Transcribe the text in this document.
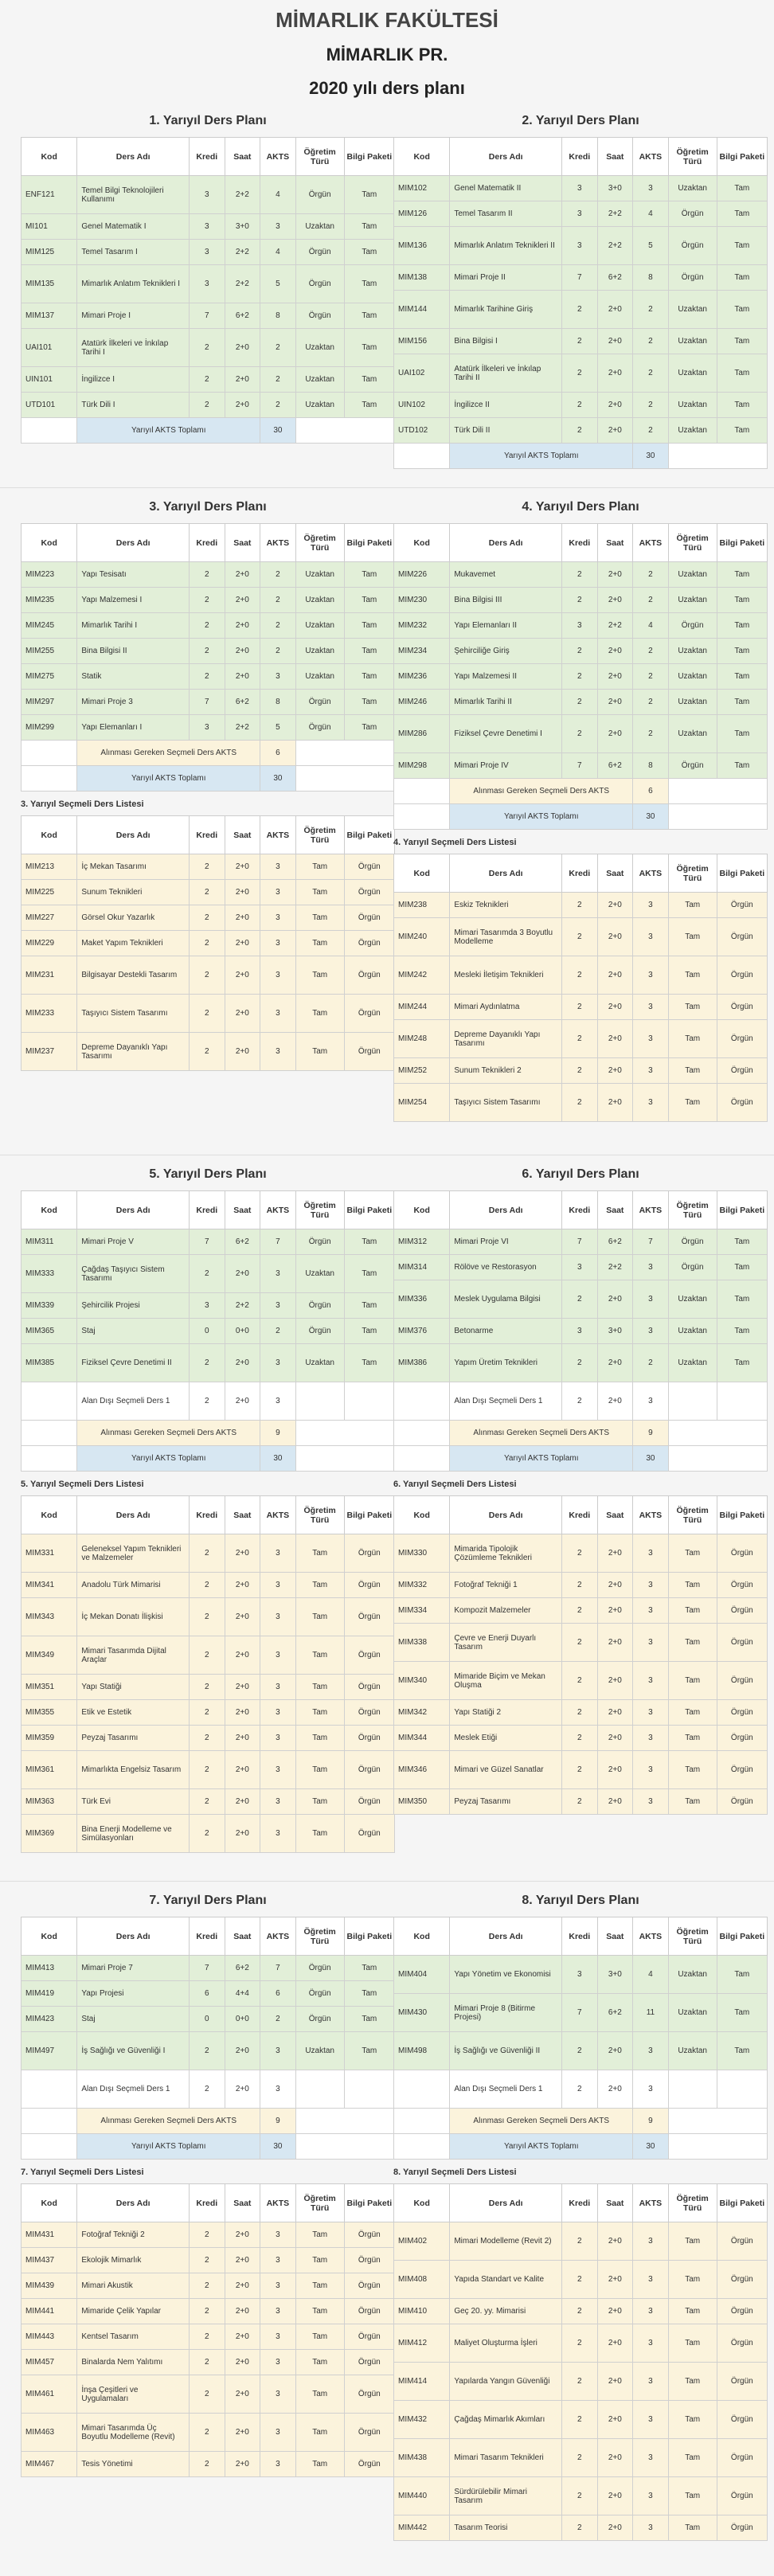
MİMARLIK FAKÜLTESİ
MİMARLIK PR.
2020 yılı ders planı
1. Yarıyıl Ders Planı
Kod	Ders Adı	Kredi	Saat	AKTS	Öğretim Türü	Bilgi Paketi
ENF121	Temel Bilgi Teknolojileri Kullanımı	3	2+2	4	Örgün	Tam
MI101	Genel Matematik I	3	3+0	3	Uzaktan	Tam
MIM125	Temel Tasarım I	3	2+2	4	Örgün	Tam
MIM135	Mimarlık Anlatım Teknikleri I	3	2+2	5	Örgün	Tam
MIM137	Mimari Proje I	7	6+2	8	Örgün	Tam
UAI101	Atatürk İlkeleri ve İnkılap Tarihi I	2	2+0	2	Uzaktan	Tam
UIN101	İngilizce I	2	2+0	2	Uzaktan	Tam
UTD101	Türk Dili I	2	2+0	2	Uzaktan	Tam
	Yarıyıl AKTS Toplamı			30		
2. Yarıyıl Ders Planı
Kod	Ders Adı	Kredi	Saat	AKTS	Öğretim Türü	Bilgi Paketi
MIM102	Genel Matematik II	3	3+0	3	Uzaktan	Tam
MIM126	Temel Tasarım II	3	2+2	4	Örgün	Tam
MIM136	Mimarlık Anlatım Teknikleri II	3	2+2	5	Örgün	Tam
MIM138	Mimari Proje II	7	6+2	8	Örgün	Tam
MIM144	Mimarlık Tarihine Giriş	2	2+0	2	Uzaktan	Tam
MIM156	Bina Bilgisi I	2	2+0	2	Uzaktan	Tam
UAI102	Atatürk İlkeleri ve İnkılap Tarihi II	2	2+0	2	Uzaktan	Tam
UIN102	İngilizce II	2	2+0	2	Uzaktan	Tam
UTD102	Türk Dili II	2	2+0	2	Uzaktan	Tam
	Yarıyıl AKTS Toplamı			30		
3. Yarıyıl Ders Planı
Kod	Ders Adı	Kredi	Saat	AKTS	Öğretim Türü	Bilgi Paketi
MIM223	Yapı Tesisatı	2	2+0	2	Uzaktan	Tam
MIM235	Yapı Malzemesi I	2	2+0	2	Uzaktan	Tam
MIM245	Mimarlık Tarihi I	2	2+0	2	Uzaktan	Tam
MIM255	Bina Bilgisi II	2	2+0	2	Uzaktan	Tam
MIM275	Statik	2	2+0	3	Uzaktan	Tam
MIM297	Mimari Proje 3	7	6+2	8	Örgün	Tam
MIM299	Yapı Elemanları I	3	2+2	5	Örgün	Tam
	Alınması Gereken Seçmeli Ders AKTS			6		
	Yarıyıl AKTS Toplamı			30		
3. Yarıyıl Seçmeli Ders Listesi
Kod	Ders Adı	Kredi	Saat	AKTS	Öğretim Türü	Bilgi Paketi
MIM213	İç Mekan Tasarımı	2	2+0	3	Tam	Örgün
MIM225	Sunum Teknikleri	2	2+0	3	Tam	Örgün
MIM227	Görsel Okur Yazarlık	2	2+0	3	Tam	Örgün
MIM229	Maket Yapım Teknikleri	2	2+0	3	Tam	Örgün
MIM231	Bilgisayar Destekli Tasarım	2	2+0	3	Tam	Örgün
MIM233	Taşıyıcı Sistem Tasarımı	2	2+0	3	Tam	Örgün
MIM237	Depreme Dayanıklı Yapı Tasarımı	2	2+0	3	Tam	Örgün
4. Yarıyıl Ders Planı
Kod	Ders Adı	Kredi	Saat	AKTS	Öğretim Türü	Bilgi Paketi
MIM226	Mukavemet	2	2+0	2	Uzaktan	Tam
MIM230	Bina Bilgisi III	2	2+0	2	Uzaktan	Tam
MIM232	Yapı Elemanları II	3	2+2	4	Örgün	Tam
MIM234	Şehirciliğe Giriş	2	2+0	2	Uzaktan	Tam
MIM236	Yapı Malzemesi II	2	2+0	2	Uzaktan	Tam
MIM246	Mimarlık Tarihi II	2	2+0	2	Uzaktan	Tam
MIM286	Fiziksel Çevre Denetimi I	2	2+0	2	Uzaktan	Tam
MIM298	Mimari Proje IV	7	6+2	8	Örgün	Tam
	Alınması Gereken Seçmeli Ders AKTS			6		
	Yarıyıl AKTS Toplamı			30		
4. Yarıyıl Seçmeli Ders Listesi
Kod	Ders Adı	Kredi	Saat	AKTS	Öğretim Türü	Bilgi Paketi
MIM238	Eskiz Teknikleri	2	2+0	3	Tam	Örgün
MIM240	Mimari Tasarımda 3 Boyutlu Modelleme	2	2+0	3	Tam	Örgün
MIM242	Mesleki İletişim Teknikleri	2	2+0	3	Tam	Örgün
MIM244	Mimari Aydınlatma	2	2+0	3	Tam	Örgün
MIM248	Depreme Dayanıklı Yapı Tasarımı	2	2+0	3	Tam	Örgün
MIM252	Sunum Teknikleri 2	2	2+0	3	Tam	Örgün
MIM254	Taşıyıcı Sistem Tasarımı	2	2+0	3	Tam	Örgün
5. Yarıyıl Ders Planı
Kod	Ders Adı	Kredi	Saat	AKTS	Öğretim Türü	Bilgi Paketi
MIM311	Mimari Proje V	7	6+2	7	Örgün	Tam
MIM333	Çağdaş Taşıyıcı Sistem Tasarımı	2	2+0	3	Uzaktan	Tam
MIM339	Şehircilik Projesi	3	2+2	3	Örgün	Tam
MIM365	Staj	0	0+0	2	Örgün	Tam
MIM385	Fiziksel Çevre Denetimi II	2	2+0	3	Uzaktan	Tam
	Alan Dışı Seçmeli Ders 1	2	2+0	3		
	Alınması Gereken Seçmeli Ders AKTS			9		
	Yarıyıl AKTS Toplamı			30		
5. Yarıyıl Seçmeli Ders Listesi
Kod	Ders Adı	Kredi	Saat	AKTS	Öğretim Türü	Bilgi Paketi
MIM331	Geleneksel Yapım Teknikleri ve Malzemeler	2	2+0	3	Tam	Örgün
MIM341	Anadolu Türk Mimarisi	2	2+0	3	Tam	Örgün
MIM343	İç Mekan Donatı İlişkisi	2	2+0	3	Tam	Örgün
MIM349	Mimari Tasarımda Dijital Araçlar	2	2+0	3	Tam	Örgün
MIM351	Yapı Statiği	2	2+0	3	Tam	Örgün
MIM355	Etik ve Estetik	2	2+0	3	Tam	Örgün
MIM359	Peyzaj Tasarımı	2	2+0	3	Tam	Örgün
MIM361	Mimarlıkta Engelsiz Tasarım	2	2+0	3	Tam	Örgün
MIM363	Türk Evi	2	2+0	3	Tam	Örgün
MIM369	Bina Enerji Modelleme ve Simülasyonları	2	2+0	3	Tam	Örgün
6. Yarıyıl Ders Planı
Kod	Ders Adı	Kredi	Saat	AKTS	Öğretim Türü	Bilgi Paketi
MIM312	Mimari Proje VI	7	6+2	7	Örgün	Tam
MIM314	Rölöve ve Restorasyon	3	2+2	3	Örgün	Tam
MIM336	Meslek Uygulama Bilgisi	2	2+0	3	Uzaktan	Tam
MIM376	Betonarme	3	3+0	3	Uzaktan	Tam
MIM386	Yapım Üretim Teknikleri	2	2+0	2	Uzaktan	Tam
	Alan Dışı Seçmeli Ders 1	2	2+0	3		
	Alınması Gereken Seçmeli Ders AKTS			9		
	Yarıyıl AKTS Toplamı			30		
6. Yarıyıl Seçmeli Ders Listesi
Kod	Ders Adı	Kredi	Saat	AKTS	Öğretim Türü	Bilgi Paketi
MIM330	Mimarida Tipolojik Çözümleme Teknikleri	2	2+0	3	Tam	Örgün
MIM332	Fotoğraf Tekniği 1	2	2+0	3	Tam	Örgün
MIM334	Kompozit Malzemeler	2	2+0	3	Tam	Örgün
MIM338	Çevre ve Enerji Duyarlı Tasarım	2	2+0	3	Tam	Örgün
MIM340	Mimaride Biçim ve Mekan Oluşma	2	2+0	3	Tam	Örgün
MIM342	Yapı Statiği 2	2	2+0	3	Tam	Örgün
MIM344	Meslek Etiği	2	2+0	3	Tam	Örgün
MIM346	Mimari ve Güzel Sanatlar	2	2+0	3	Tam	Örgün
MIM350	Peyzaj Tasarımı	2	2+0	3	Tam	Örgün
7. Yarıyıl Ders Planı
Kod	Ders Adı	Kredi	Saat	AKTS	Öğretim Türü	Bilgi Paketi
MIM413	Mimari Proje 7	7	6+2	7	Örgün	Tam
MIM419	Yapı Projesi	6	4+4	6	Örgün	Tam
MIM423	Staj	0	0+0	2	Örgün	Tam
MIM497	İş Sağlığı ve Güvenliği I	2	2+0	3	Uzaktan	Tam
	Alan Dışı Seçmeli Ders 1	2	2+0	3		
	Alınması Gereken Seçmeli Ders AKTS			9		
	Yarıyıl AKTS Toplamı			30		
7. Yarıyıl Seçmeli Ders Listesi
Kod	Ders Adı	Kredi	Saat	AKTS	Öğretim Türü	Bilgi Paketi
MIM431	Fotoğraf Tekniği 2	2	2+0	3	Tam	Örgün
MIM437	Ekolojik Mimarlık	2	2+0	3	Tam	Örgün
MIM439	Mimari Akustik	2	2+0	3	Tam	Örgün
MIM441	Mimaride Çelik Yapılar	2	2+0	3	Tam	Örgün
MIM443	Kentsel Tasarım	2	2+0	3	Tam	Örgün
MIM457	Binalarda Nem Yalıtımı	2	2+0	3	Tam	Örgün
MIM461	İnşa Çeşitleri ve Uygulamaları	2	2+0	3	Tam	Örgün
MIM463	Mimari Tasarımda Üç Boyutlu Modelleme (Revit)	2	2+0	3	Tam	Örgün
MIM467	Tesis Yönetimi	2	2+0	3	Tam	Örgün
8. Yarıyıl Ders Planı
Kod	Ders Adı	Kredi	Saat	AKTS	Öğretim Türü	Bilgi Paketi
MIM404	Yapı Yönetim ve Ekonomisi	3	3+0	4	Uzaktan	Tam
MIM430	Mimari Proje 8 (Bitirme Projesi)	7	6+2	11	Uzaktan	Tam
MIM498	İş Sağlığı ve Güvenliği II	2	2+0	3	Uzaktan	Tam
	Alan Dışı Seçmeli Ders 1	2	2+0	3		
	Alınması Gereken Seçmeli Ders AKTS			9		
	Yarıyıl AKTS Toplamı			30		
8. Yarıyıl Seçmeli Ders Listesi
Kod	Ders Adı	Kredi	Saat	AKTS	Öğretim Türü	Bilgi Paketi
MIM402	Mimari Modelleme (Revit 2)	2	2+0	3	Tam	Örgün
MIM408	Yapıda Standart ve Kalite	2	2+0	3	Tam	Örgün
MIM410	Geç 20. yy. Mimarisi	2	2+0	3	Tam	Örgün
MIM412	Maliyet Oluşturma İşleri	2	2+0	3	Tam	Örgün
MIM414	Yapılarda Yangın Güvenliği	2	2+0	3	Tam	Örgün
MIM432	Çağdaş Mimarlık Akımları	2	2+0	3	Tam	Örgün
MIM438	Mimari Tasarım Teknikleri	2	2+0	3	Tam	Örgün
MIM440	Sürdürülebilir Mimari Tasarım	2	2+0	3	Tam	Örgün
MIM442	Tasarım Teorisi	2	2+0	3	Tam	Örgün
